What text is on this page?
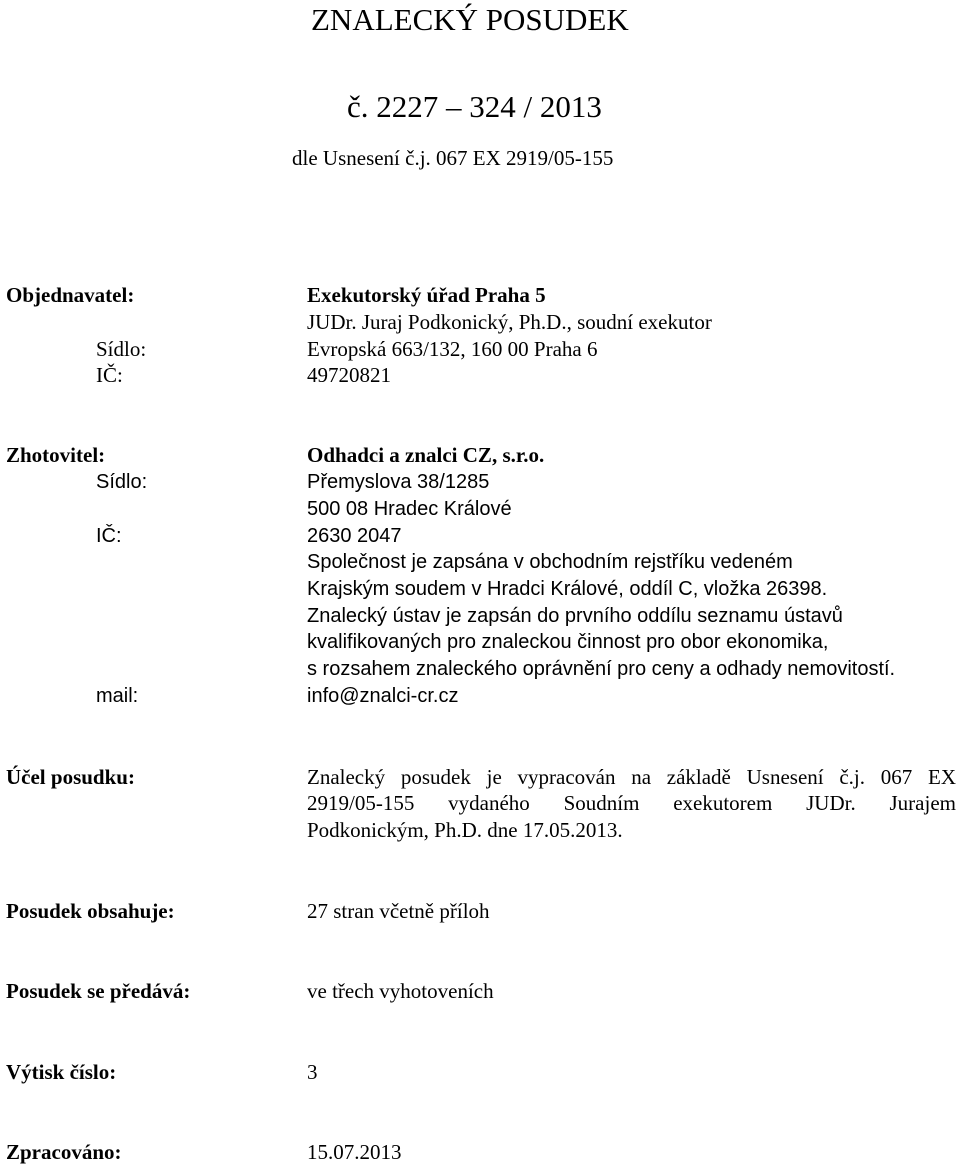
ZNALECKÝ POSUDEK
č. 2227 – 324 / 2013
dle Usnesení č.j. 067 EX 2919/05-155
Objednavatel:	Exekutorský úřad Praha 5
JUDr. Juraj Podkonický, Ph.D., soudní exekutor
Sídlo:	Evropská 663/132, 160 00 Praha 6
IČ:	49720821
Zhotovitel:	Odhadci a znalci CZ, s.r.o.
Sídlo:	Přemyslova 38/1285
500 08 Hradec Králové
IČ:	2630 2047
Společnost je zapsána v obchodním rejstříku vedeném
Krajským soudem v Hradci Králové, oddíl C, vložka 26398.
Znalecký ústav je zapsán do prvního oddílu seznamu ústavů
kvalifikovaných pro znaleckou činnost pro obor ekonomika,
s rozsahem znaleckého oprávnění pro ceny a odhady nemovitostí.
mail:	info@znalci-cr.cz
Účel posudku:	Znalecký posudek je vypracován na základě Usnesení č.j. 067 EX
2919/05-155 vydaného Soudním exekutorem JUDr. Jurajem
Podkonickým, Ph.D. dne 17.05.2013.
Posudek obsahuje:	27 stran včetně příloh
Posudek se předává:	ve třech vyhotoveních
Výtisk číslo:	3
Zpracováno:	15.07.2013
